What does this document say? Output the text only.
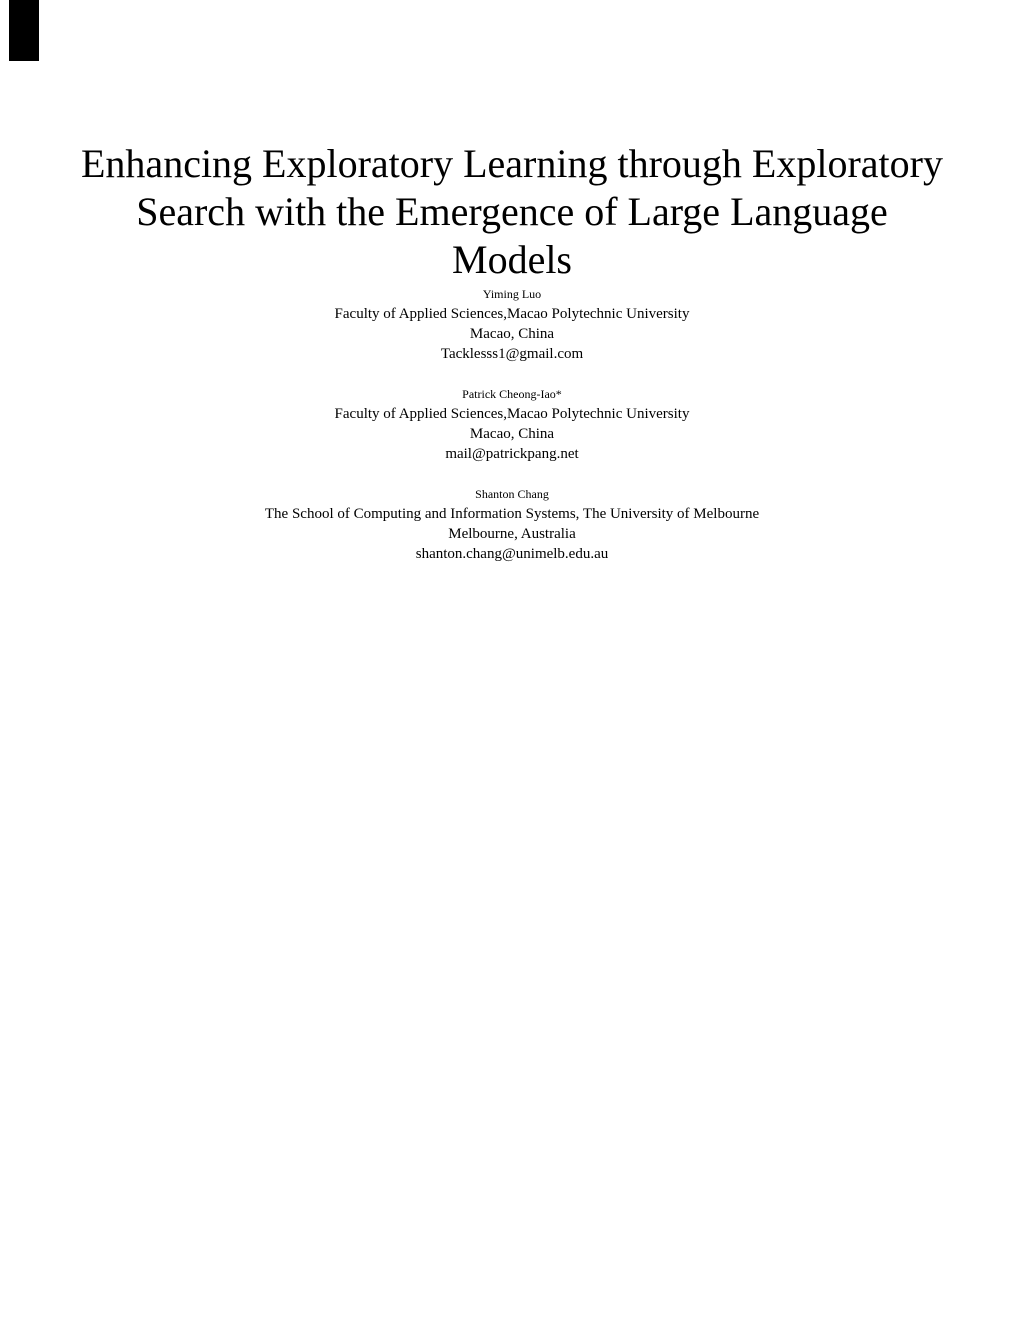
Enhancing Exploratory Learning through Exploratory
Search with the Emergence of Large Language
Models
Yiming Luo
Faculty of Applied Sciences,Macao Polytechnic University
Macao, China
Tacklesss1@gmail.com
Patrick Cheong-Iao*
Faculty of Applied Sciences,Macao Polytechnic University
Macao, China
mail@patrickpang.net
Shanton Chang
The School of Computing and Information Systems, The University of Melbourne
Melbourne, Australia
shanton.chang@unimelb.edu.au
